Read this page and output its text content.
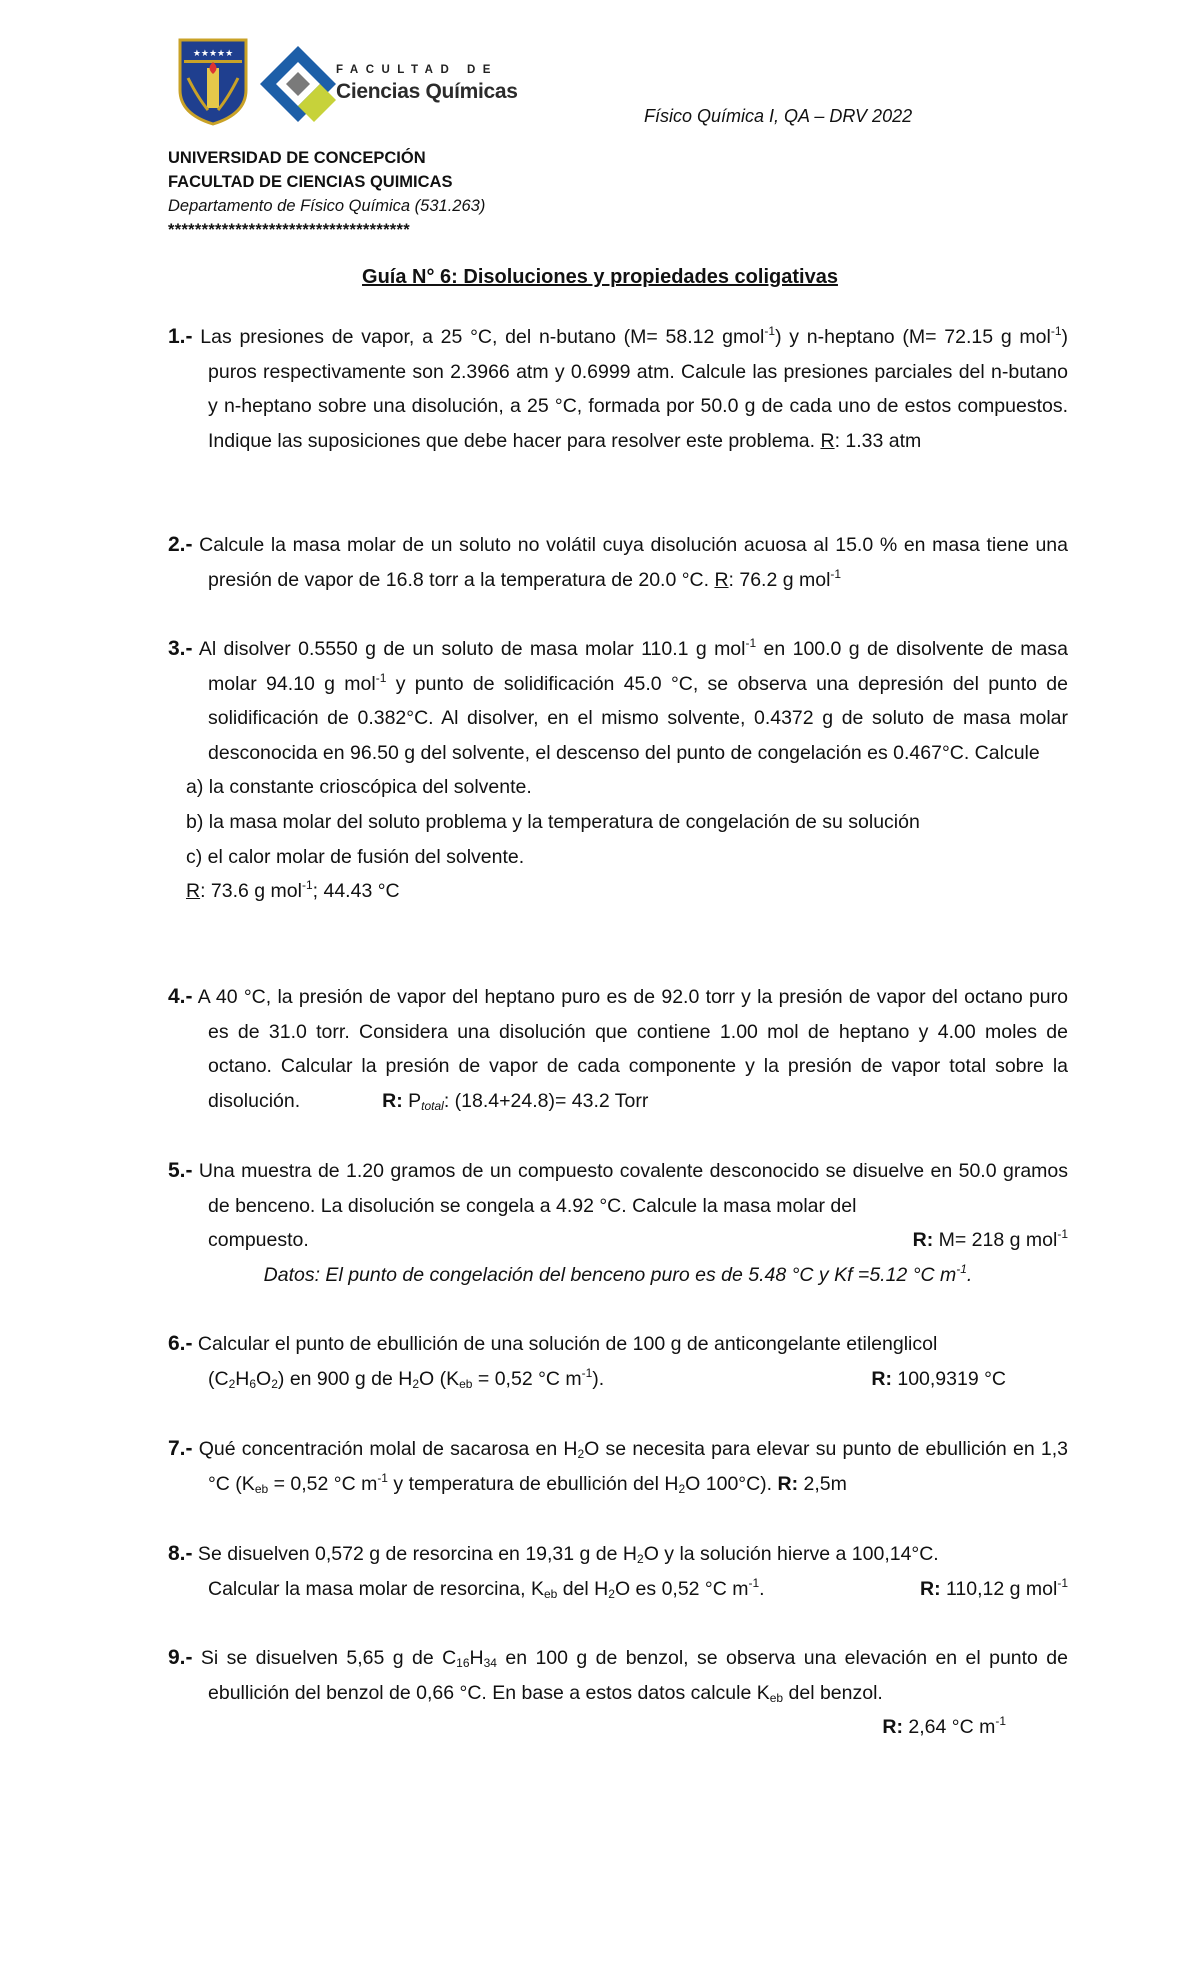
★★★★★
FACULTAD DE
Ciencias Químicas
Físico Química I, QA – DRV 2022
UNIVERSIDAD DE CONCEPCIÓN
FACULTAD DE CIENCIAS QUIMICAS
Departamento de Físico Química (531.263)
************************************
Guía N° 6: Disoluciones y propiedades coligativas

1.- Las presiones de vapor, a 25 °C, del n-butano (M= 58.12 gmol$^{-1}$) y n-heptano (M= 72.15 g mol$^{-1}$) puros respectivamente son 2.3966 atm y 0.6999 atm. Calcule las presiones parciales del n-butano y n-heptano sobre una disolución, a 25 °C, formada por 50.0 g de cada uno de estos compuestos. Indique las suposiciones que debe hacer para resolver este problema. R: 1.33 atm

2.- Calcule la masa molar de un soluto no volátil cuya disolución acuosa al 15.0 % en masa tiene una presión de vapor de 16.8 torr a la temperatura de 20.0 °C. R: 76.2 g mol$^{-1}$

3.- Al disolver 0.5550 g de un soluto de masa molar 110.1 g mol$^{-1}$ en 100.0 g de disolvente de masa molar 94.10 g mol$^{-1}$ y punto de solidificación 45.0 °C, se observa una depresión del punto de solidificación de 0.382°C. Al disolver, en el mismo solvente, 0.4372 g de soluto de masa molar desconocida en 96.50 g del solvente, el descenso del punto de congelación es 0.467°C. Calcule

a) la constante crioscópica del solvente.

b) la masa molar del soluto problema y la temperatura de congelación de su solución

c) el calor molar de fusión del solvente.

R: 73.6 g mol$^{-1}$; 44.43 °C

4.- A 40 °C, la presión de vapor del heptano puro es de 92.0 torr y la presión de vapor del octano puro es de 31.0 torr. Considera una disolución que contiene 1.00 mol de heptano y 4.00 moles de octano. Calcular la presión de vapor de cada componente y la presión de vapor total sobre la disolución.	R: $P_{total}$: (18.4+24.8)= 43.2 Torr

5.- Una muestra de 1.20 gramos de un compuesto covalente desconocido se disuelve en 50.0 gramos de benceno. La disolución se congela a 4.92 °C. Calcule la masa molar del

compuesto.	R: M= 218 g mol$^{-1}$

Datos: El punto de congelación del benceno puro es de 5.48 °C y Kf =5.12 °C $m^{-1}$.

6.- Calcular el punto de ebullición de una solución de 100 g de anticongelante etilenglicol

$(C_2H_6O_2)$ en 900 g de $H_2O$ ($K_{eb} = 0,52$ °C $m^{-1}$).	R: 100,9319 °C

7.- Qué concentración molal de sacarosa en $H_2O$ se necesita para elevar su punto de ebullición en 1,3 °C ($K_{eb} = 0,52$ °C $m^{-1}$ y temperatura de ebullición del $H_2O$ 100°C). R: 2,5m

8.- Se disuelven 0,572 g de resorcina en 19,31 g de $H_2O$ y la solución hierve a 100,14°C.

Calcular la masa molar de resorcina, $K_{eb}$ del $H_2O$ es 0,52 °C $m^{-1}$.	R: 110,12 g mol$^{-1}$

9.- Si se disuelven 5,65 g de $C_{16}H_{34}$ en 100 g de benzol, se observa una elevación en el punto de ebullición del benzol de 0,66 °C. En base a estos datos calcule $K_{eb}$ del benzol.

R: 2,64 °C $m^{-1}$
